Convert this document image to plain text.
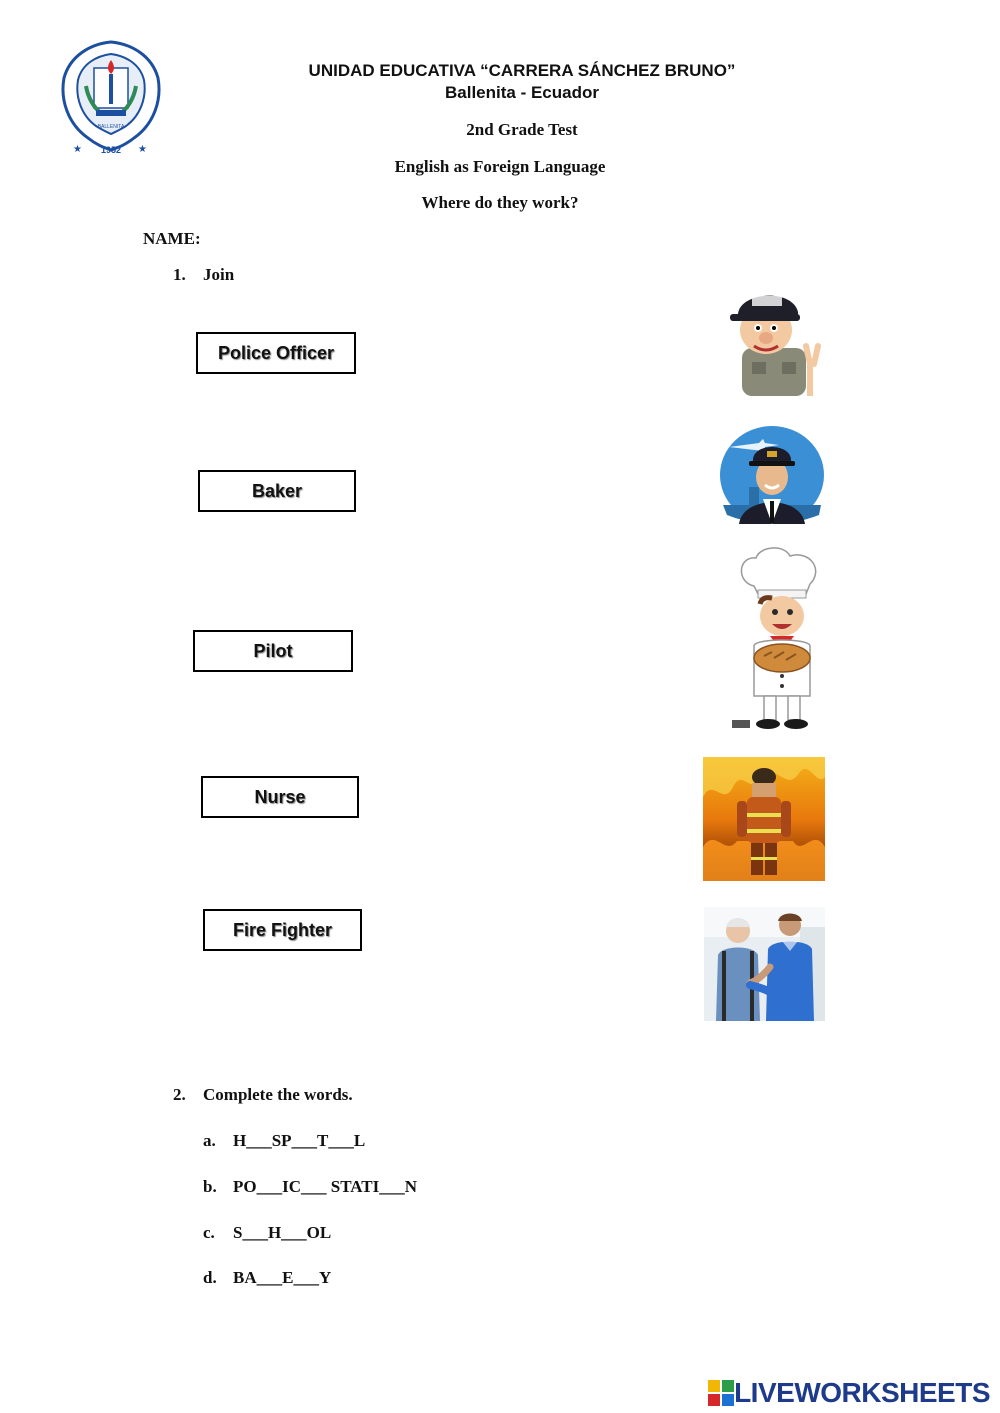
BALLENITA
★ 1952 ★
UNIDAD EDUCATIVA “CARRERA SÁNCHEZ BRUNO”
Ballenita - Ecuador
2nd Grade Test
English as Foreign Language
Where do they work?
NAME:
1. Join
Police Officer
Baker
Pilot
Nurse
Fire Fighter
2. Complete the words.
a. H___SP___T___L
b. PO___IC___ STATI___N
c. S___H___OL
d. BA___E___Y
LIVEWORKSHEETS
